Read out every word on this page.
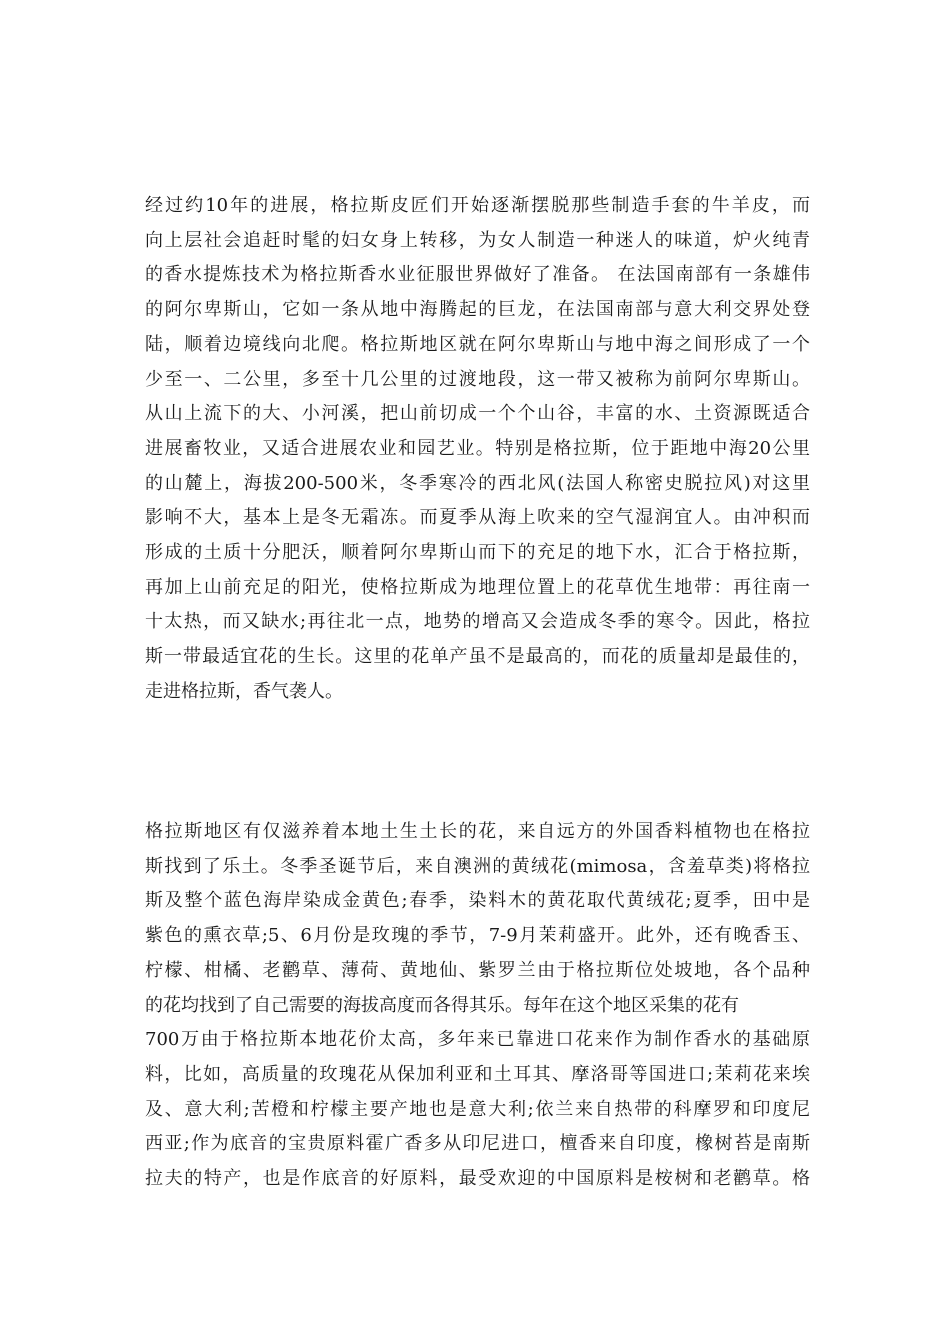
经过约10年的进展，格拉斯皮匠们开始逐渐摆脱那些制造手套的牛羊皮，而
向上层社会追赶时髦的妇女身上转移，为女人制造一种迷人的味道，炉火纯青
的香水提炼技术为格拉斯香水业征服世界做好了准备。 在法国南部有一条雄伟
的阿尔卑斯山，它如一条从地中海腾起的巨龙，在法国南部与意大利交界处登
陆，顺着边境线向北爬。格拉斯地区就在阿尔卑斯山与地中海之间形成了一个
少至一、二公里，多至十几公里的过渡地段，这一带又被称为前阿尔卑斯山。
从山上流下的大、小河溪，把山前切成一个个山谷，丰富的水、土资源既适合
进展畜牧业，又适合进展农业和园艺业。特别是格拉斯，位于距地中海20公里
的山麓上，海拔200-500米，冬季寒冷的西北风(法国人称密史脱拉风)对这里
影响不大，基本上是冬无霜冻。而夏季从海上吹来的空气湿润宜人。由冲积而
形成的土质十分肥沃，顺着阿尔卑斯山而下的充足的地下水，汇合于格拉斯，
再加上山前充足的阳光，使格拉斯成为地理位置上的花草优生地带：再往南一
十太热，而又缺水;再往北一点，地势的增高又会造成冬季的寒令。因此，格拉
斯一带最适宜花的生长。这里的花单产虽不是最高的，而花的质量却是最佳的，
走进格拉斯，香气袭人。
格拉斯地区有仅滋养着本地土生土长的花，来自远方的外国香料植物也在格拉
斯找到了乐土。冬季圣诞节后，来自澳洲的黄绒花(mimosa，含羞草类)将格拉
斯及整个蓝色海岸染成金黄色;春季，染料木的黄花取代黄绒花;夏季，田中是
紫色的熏衣草;5、6月份是玫瑰的季节，7-9月茉莉盛开。此外，还有晚香玉、
柠檬、柑橘、老鹳草、薄荷、黄地仙、紫罗兰由于格拉斯位处坡地，各个品种
的花均找到了自己需要的海拔高度而各得其乐。每年在这个地区采集的花有
700万由于格拉斯本地花价太高，多年来已靠进口花来作为制作香水的基础原
料，比如，高质量的玫瑰花从保加利亚和土耳其、摩洛哥等国进口;茉莉花来埃
及、意大利;苦橙和柠檬主要产地也是意大利;依兰来自热带的科摩罗和印度尼
西亚;作为底音的宝贵原料霍广香多从印尼进口，檀香来自印度，橡树苔是南斯
拉夫的特产，也是作底音的好原料，最受欢迎的中国原料是桉树和老鹳草。格
